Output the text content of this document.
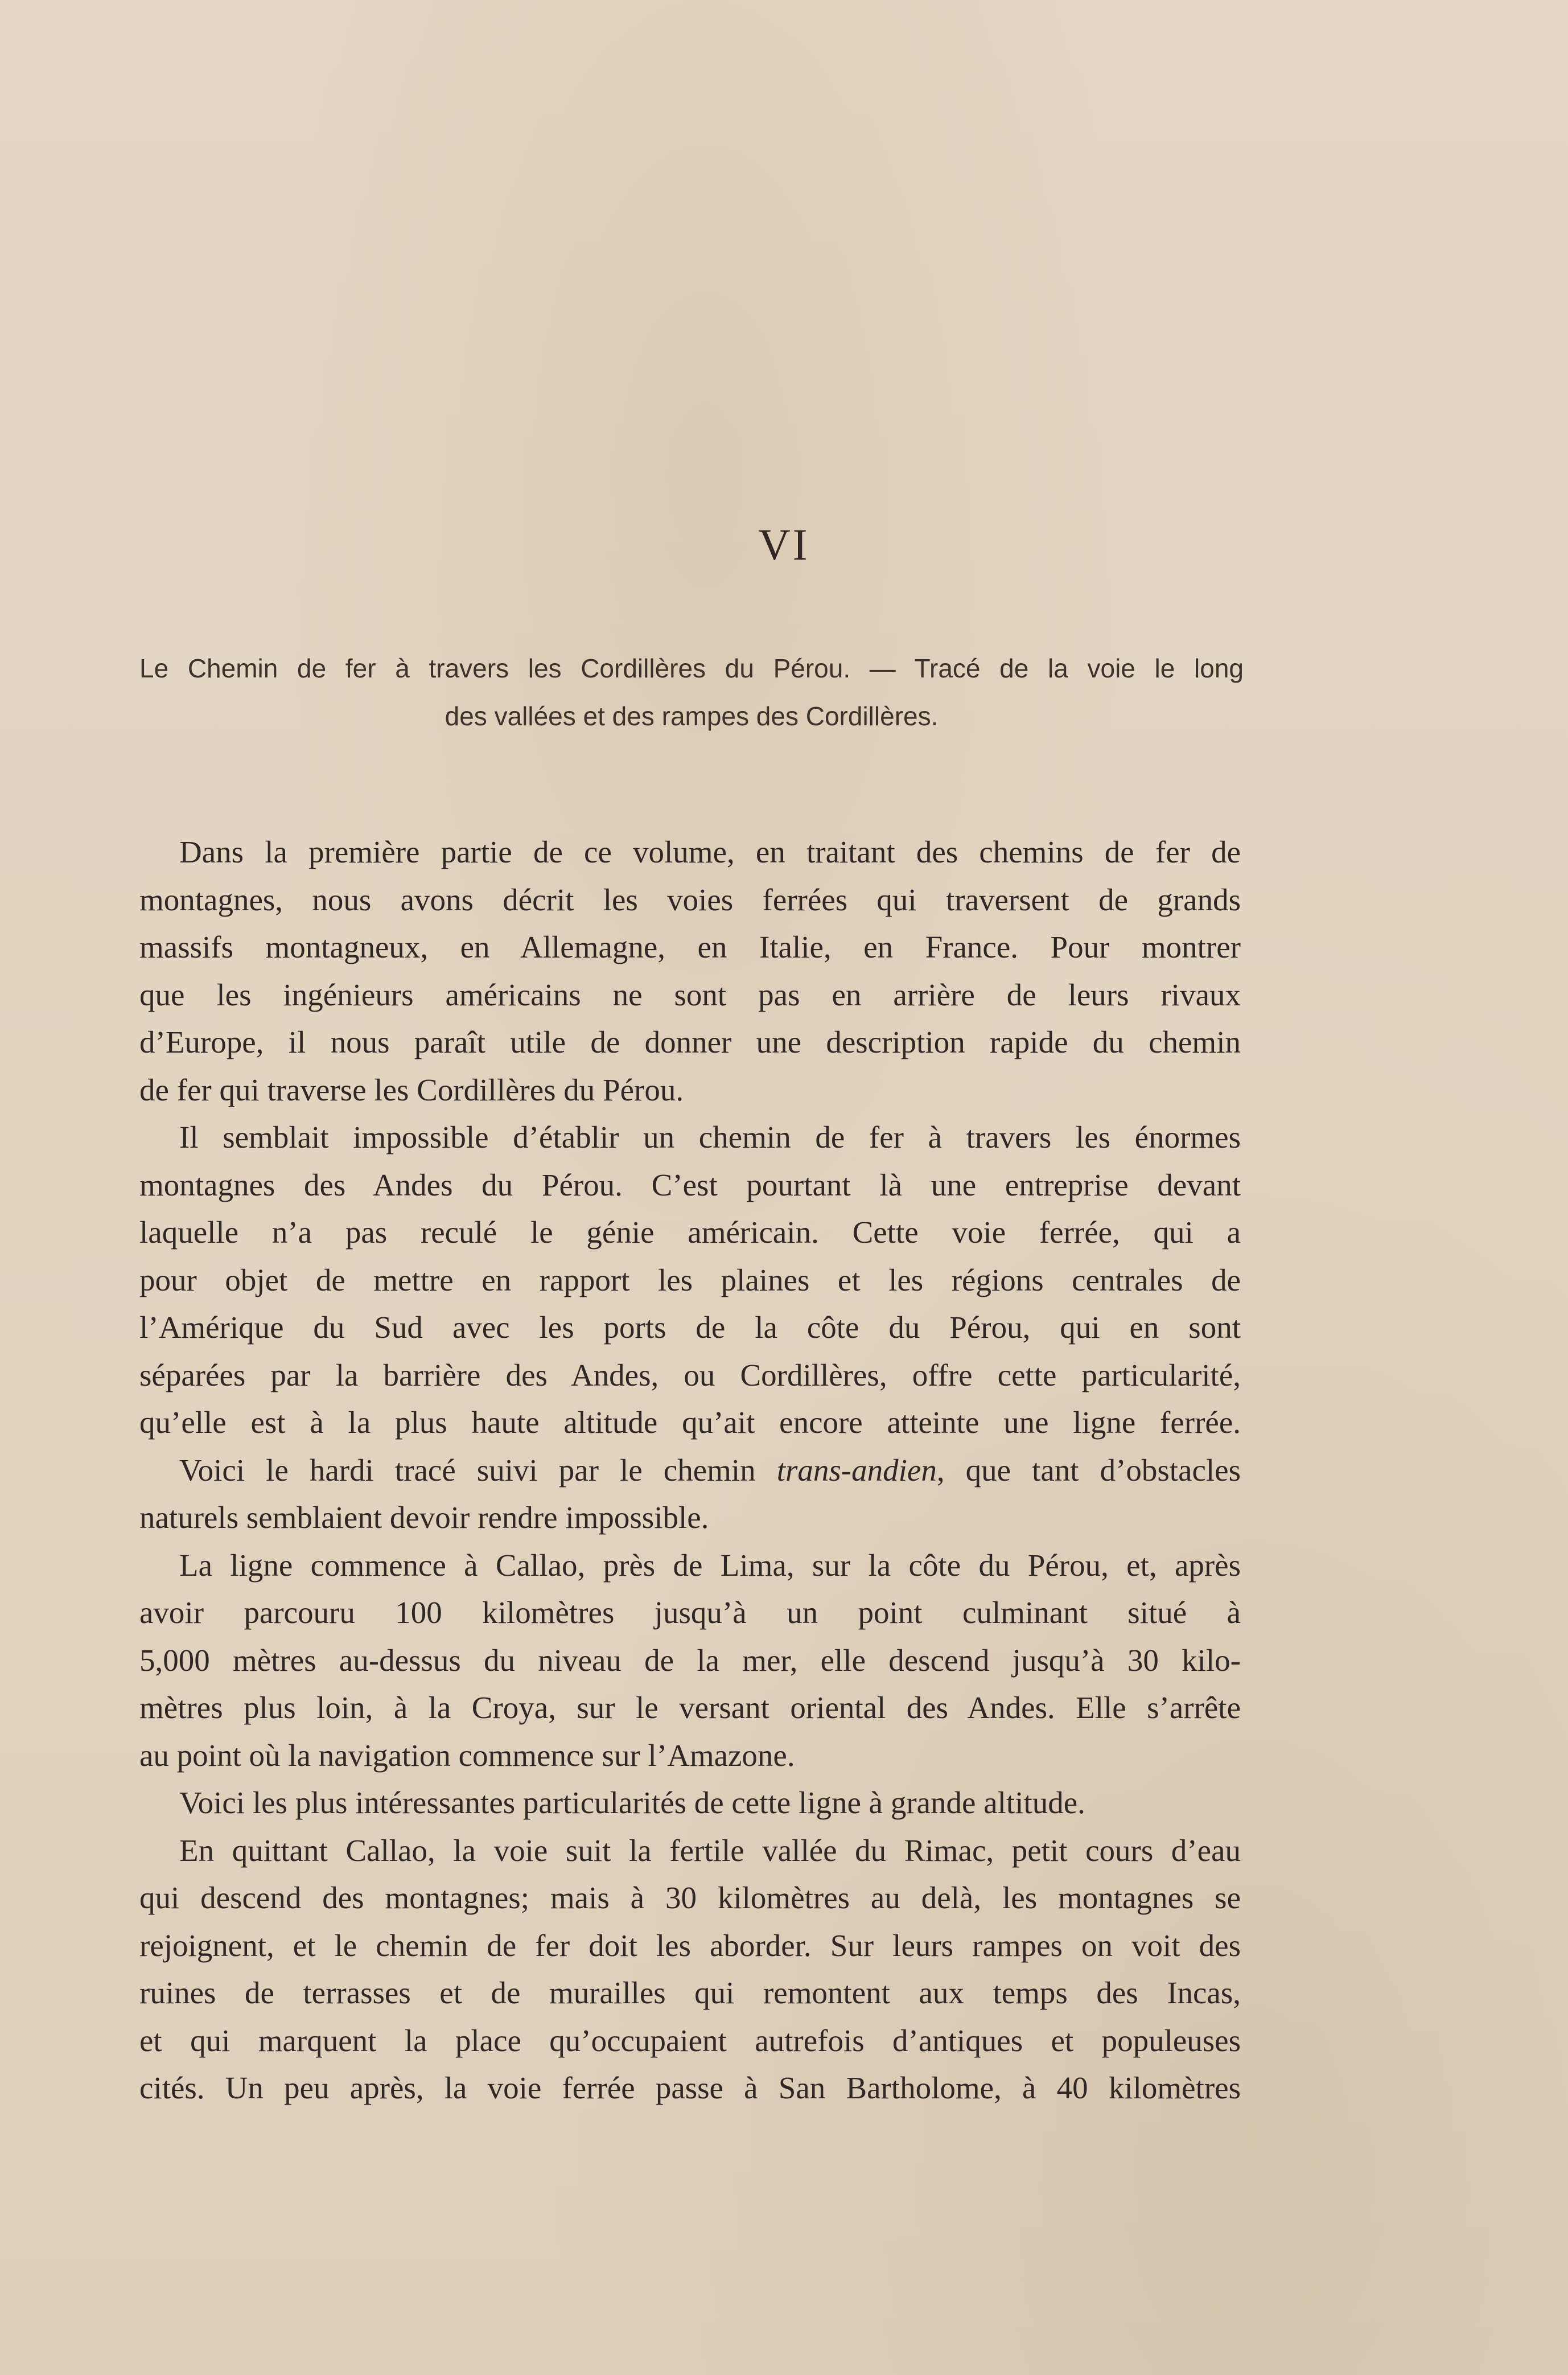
VI
Le Chemin de fer à travers les Cordillères du Pérou. — Tracé de la voie le long
des vallées et des rampes des Cordillères.
Dans la première partie de ce volume, en traitant des chemins de fer de
montagnes, nous avons décrit les voies ferrées qui traversent de grands
massifs montagneux, en Allemagne, en Italie, en France. Pour montrer
que les ingénieurs américains ne sont pas en arrière de leurs rivaux
d’Europe, il nous paraît utile de donner une description rapide du chemin
de fer qui traverse les Cordillères du Pérou.
Il semblait impossible d’établir un chemin de fer à travers les énormes
montagnes des Andes du Pérou. C’est pourtant là une entreprise devant
laquelle n’a pas reculé le génie américain. Cette voie ferrée, qui a
pour objet de mettre en rapport les plaines et les régions centrales de
l’Amérique du Sud avec les ports de la côte du Pérou, qui en sont
séparées par la barrière des Andes, ou Cordillères, offre cette particularité,
qu’elle est à la plus haute altitude qu’ait encore atteinte une ligne ferrée.
Voici le hardi tracé suivi par le chemin trans-andien, que tant d’obstacles
naturels semblaient devoir rendre impossible.
La ligne commence à Callao, près de Lima, sur la côte du Pérou, et, après
avoir parcouru 100 kilomètres jusqu’à un point culminant situé à
5,000 mètres au-dessus du niveau de la mer, elle descend jusqu’à 30 kilo-
mètres plus loin, à la Croya, sur le versant oriental des Andes. Elle s’arrête
au point où la navigation commence sur l’Amazone.
Voici les plus intéressantes particularités de cette ligne à grande altitude.
En quittant Callao, la voie suit la fertile vallée du Rimac, petit cours d’eau
qui descend des montagnes; mais à 30 kilomètres au delà, les montagnes se
rejoignent, et le chemin de fer doit les aborder. Sur leurs rampes on voit des
ruines de terrasses et de murailles qui remontent aux temps des Incas,
et qui marquent la place qu’occupaient autrefois d’antiques et populeuses
cités. Un peu après, la voie ferrée passe à San Bartholome, à 40 kilomètres
